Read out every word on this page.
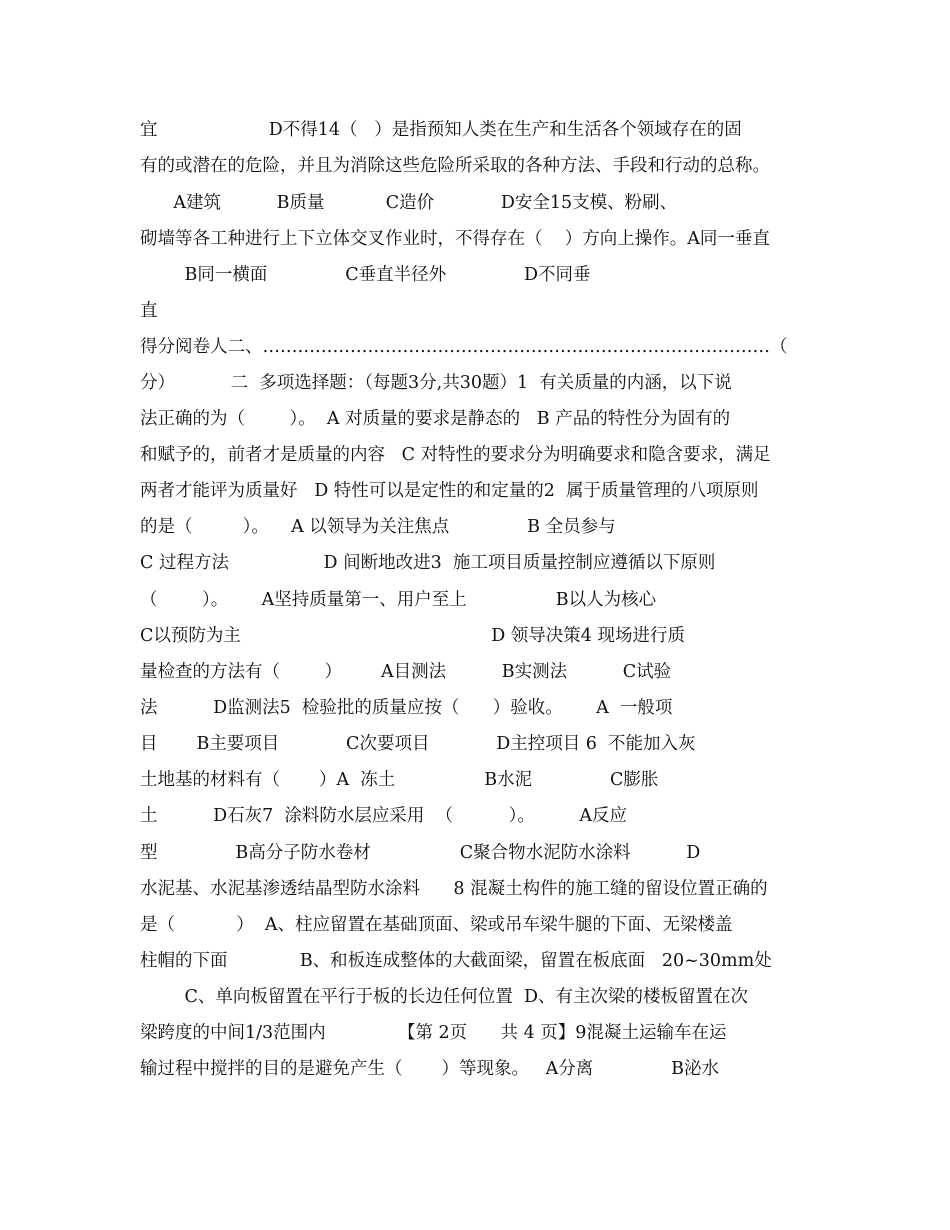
宜                    D不得14（   ）是指预知人类在生产和生活各个领域存在的固
有的或潜在的危险，并且为消除这些危险所采取的各种方法、手段和行动的总称。
A建筑          B质量           C造价            D安全15支模、粉刷、
砌墙等各工种进行上下立体交叉作业时，不得存在（    ）方向上操作。A同一垂直
B同一横面              C垂直半径外              D不同垂
直
得分阅卷人二、……………………………………………………………………………（
分）          二  多项选择题：（每题3分,共30题）1  有关质量的内涵，以下说
法正确的为（        ）。  A 对质量的要求是静态的   B 产品的特性分为固有的
和赋予的，前者才是质量的内容   C 对特性的要求分为明确要求和隐含要求，满足
两者才能评为质量好   D 特性可以是定性的和定量的2  属于质量管理的八项原则
的是（         ）。    A 以领导为关注焦点              B 全员参与
C 过程方法                 D 间断地改进3  施工项目质量控制应遵循以下原则
（        ）。      A坚持质量第一、用户至上                B以人为核心
C以预防为主                                             D 领导决策4 现场进行质
量检查的方法有（        ）       A目测法          B实测法          C试验
法          D监测法5  检验批的质量应按（      ）验收。      A  一般项
目       B主要项目            C次要项目            D主控项目 6  不能加入灰
土地基的材料有（       ）A  冻土                B水泥              C膨胀
土          D石灰7  涂料防水层应采用  （          ）。        A反应
型              B高分子防水卷材                C聚合物水泥防水涂料          D
水泥基、水泥基渗透结晶型防水涂料      8 混凝土构件的施工缝的留设位置正确的
是（           ）  A、柱应留置在基础顶面、梁或吊车梁牛腿的下面、无梁楼盖
柱帽的下面             B、和板连成整体的大截面梁，留置在板底面   20~30mm处
C、单向板留置在平行于板的长边任何位置  D、有主次梁的楼板留置在次
梁跨度的中间1/3范围内             【第 2页      共 4 页】9混凝土运输车在运
输过程中搅拌的目的是避免产生（       ）等现象。   A分离              B泌水
